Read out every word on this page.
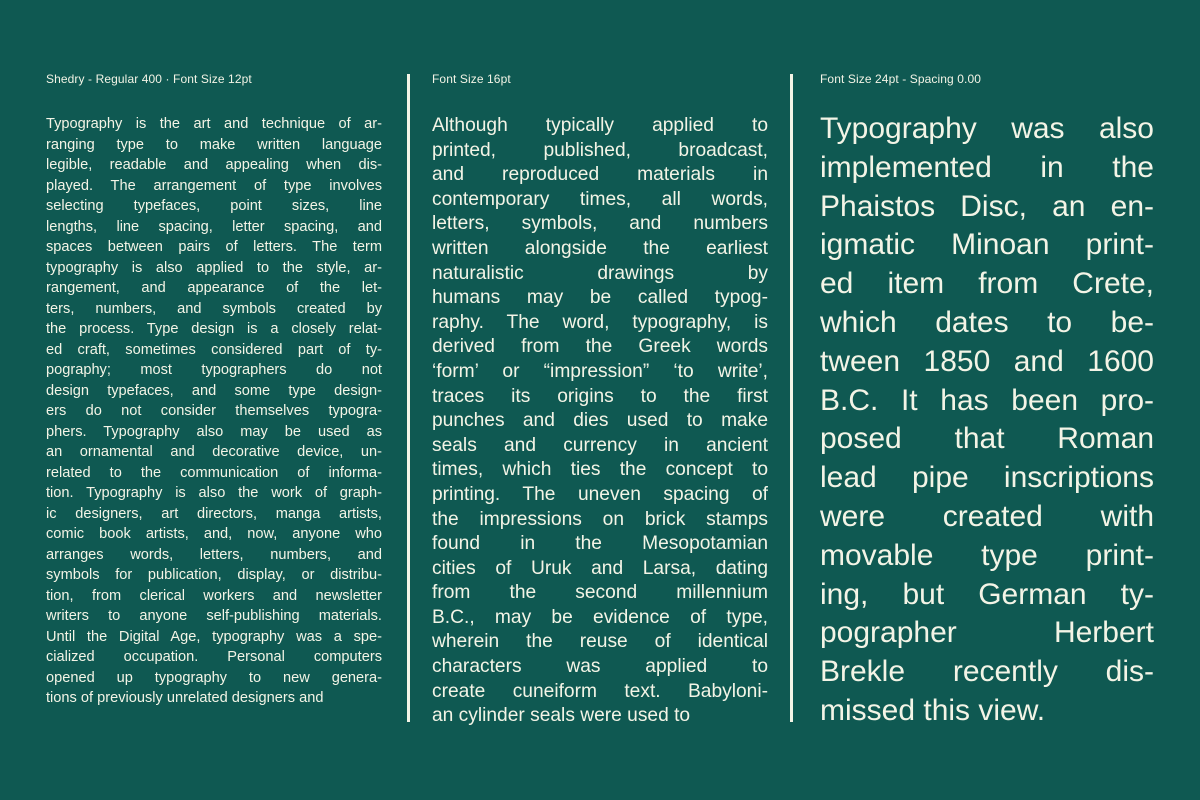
Shedry - Regular 400 · Font Size 12pt
Typography is the art and technique of ar-
ranging type to make written language
legible, readable and appealing when dis-
played. The arrangement of type involves
selecting typefaces, point sizes, line
lengths, line spacing, letter spacing, and
spaces between pairs of letters. The term
typography is also applied to the style, ar-
rangement, and appearance of the let-
ters, numbers, and symbols created by
the process. Type design is a closely relat-
ed craft, sometimes considered part of ty-
pography; most typographers do not
design typefaces, and some type design-
ers do not consider themselves typogra-
phers. Typography also may be used as
an ornamental and decorative device, un-
related to the communication of informa-
tion. Typography is also the work of graph-
ic designers, art directors, manga artists,
comic book artists, and, now, anyone who
arranges words, letters, numbers, and
symbols for publication, display, or distribu-
tion, from clerical workers and newsletter
writers to anyone self-publishing materials.
Until the Digital Age, typography was a spe-
cialized occupation. Personal computers
opened up typography to new genera-
tions of previously unrelated designers and
Font Size 16pt
Although typically applied to
printed, published, broadcast,
and reproduced materials in
contemporary times, all words,
letters, symbols, and numbers
written alongside the earliest
naturalistic drawings by
humans may be called typog-
raphy. The word, typography, is
derived from the Greek words
‘form’ or “impression” ‘to write’,
traces its origins to the first
punches and dies used to make
seals and currency in ancient
times, which ties the concept to
printing. The uneven spacing of
the impressions on brick stamps
found in the Mesopotamian
cities of Uruk and Larsa, dating
from the second millennium
B.C., may be evidence of type,
wherein the reuse of identical
characters was applied to
create cuneiform text. Babyloni-
an cylinder seals were used to
Font Size 24pt - Spacing 0.00
Typography was also
implemented in the
Phaistos Disc, an en-
igmatic Minoan print-
ed item from Crete,
which dates to be-
tween 1850 and 1600
B.C. It has been pro-
posed that Roman
lead pipe inscriptions
were created with
movable type print-
ing, but German ty-
pographer Herbert
Brekle recently dis-
missed this view.
